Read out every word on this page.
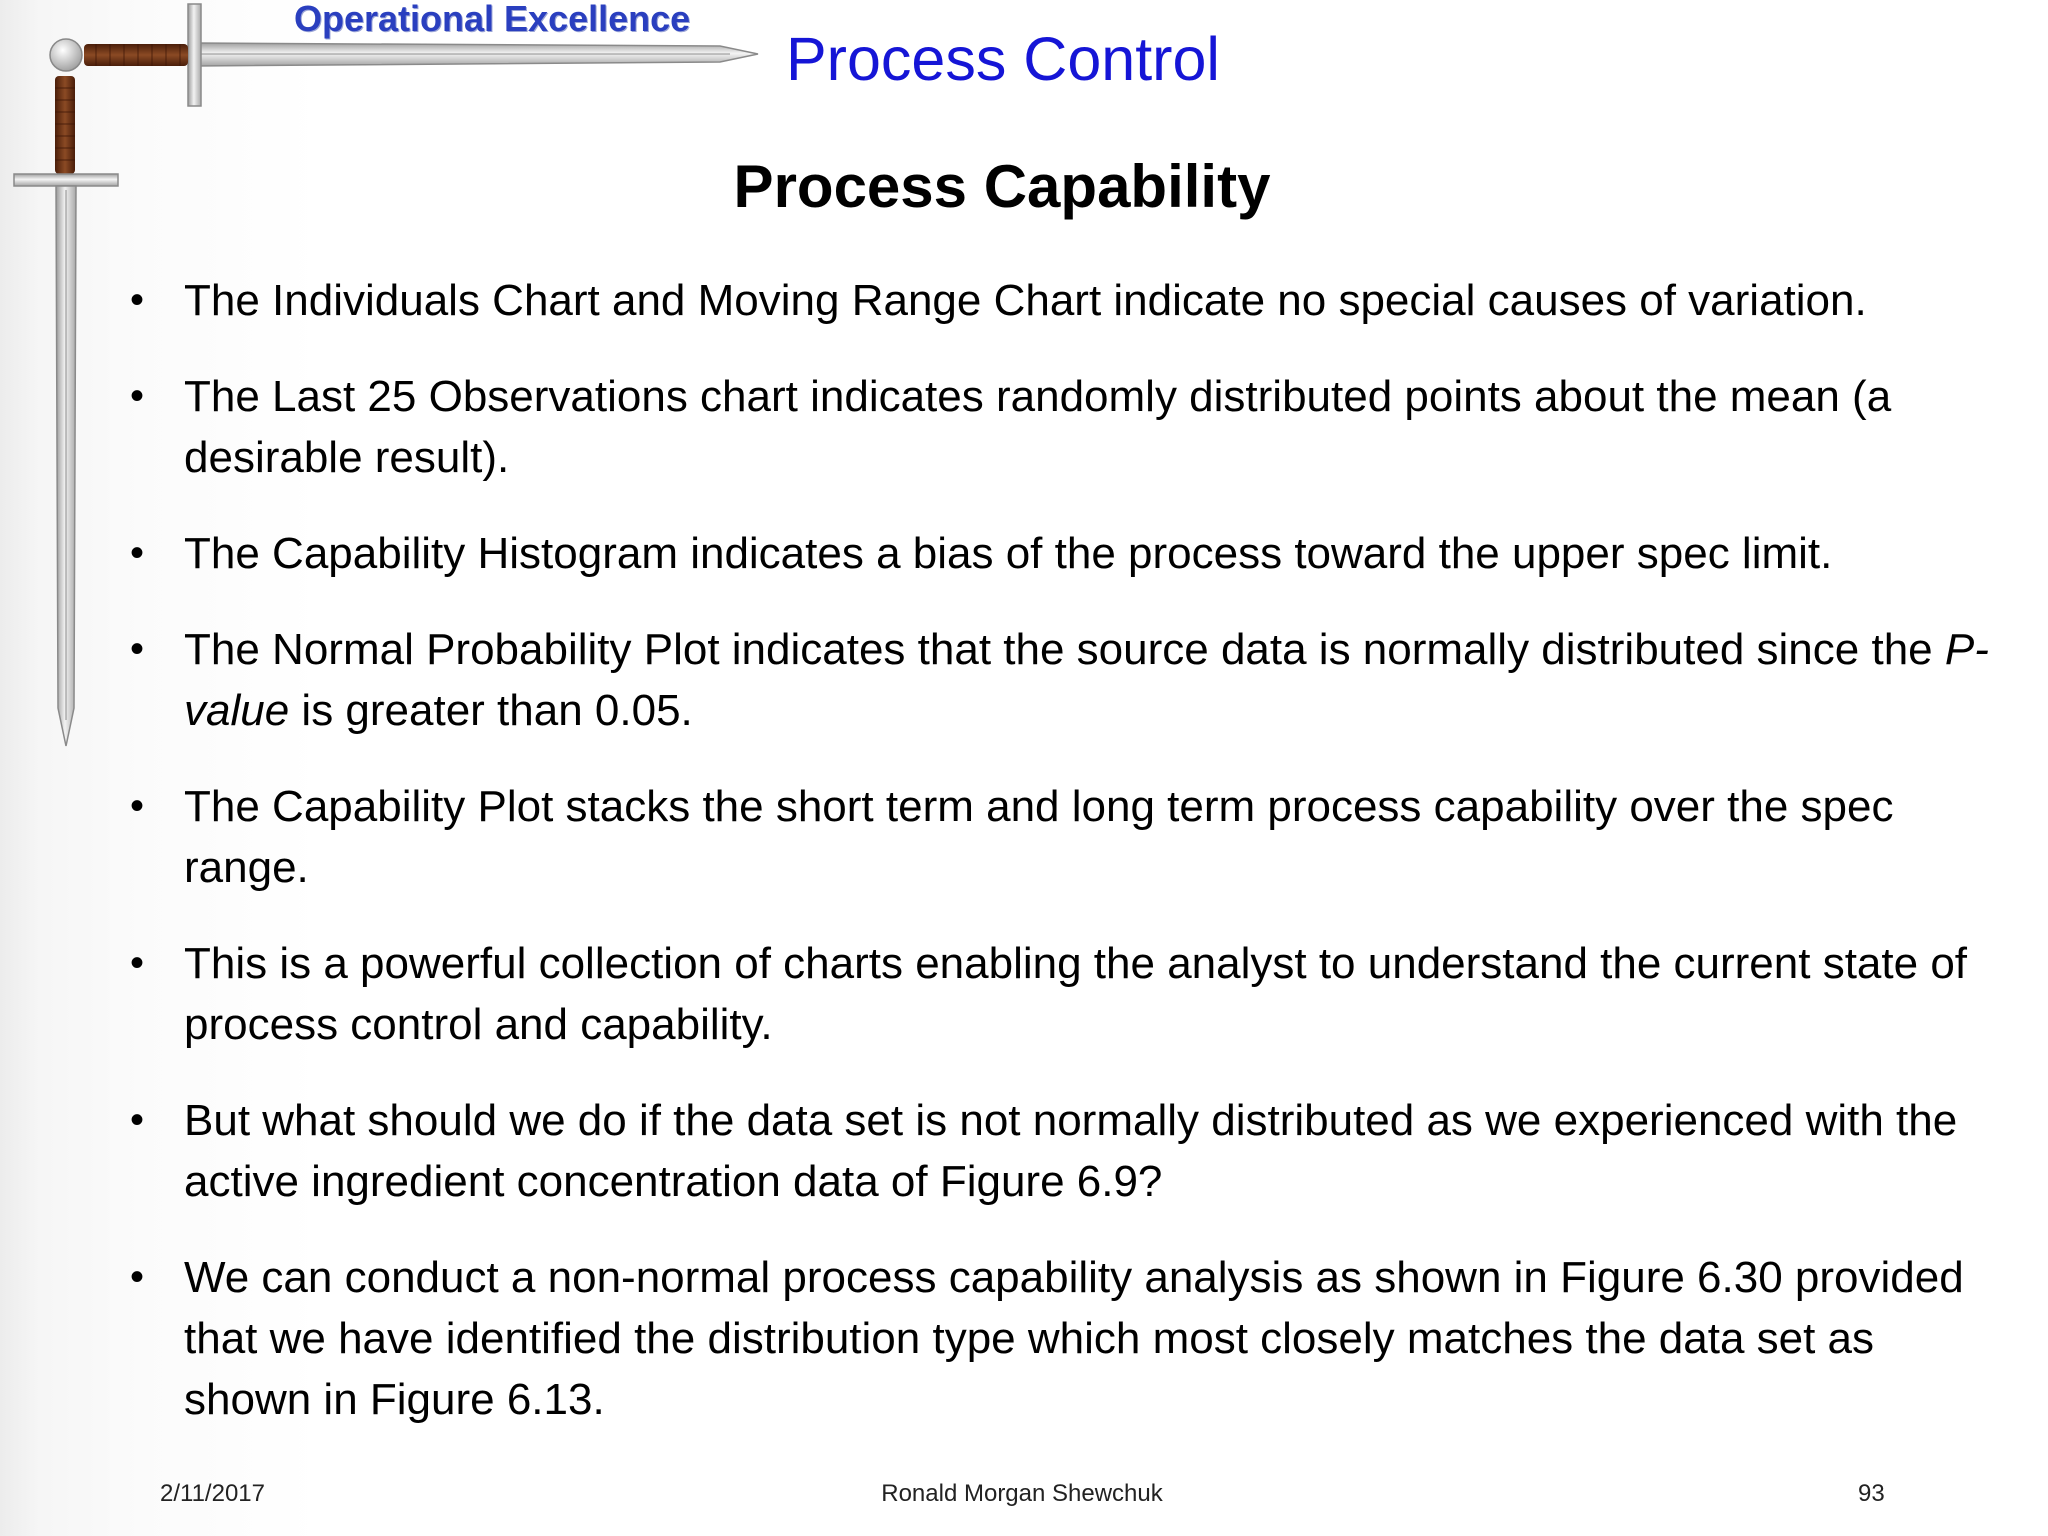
Operational Excellence
Process Control
Process Capability
• The Individuals Chart and Moving Range Chart indicate no special causes of variation.
• The Last 25 Observations chart indicates randomly distributed points about the mean (a desirable result).
• The Capability Histogram indicates a bias of the process toward the upper spec limit.
• The Normal Probability Plot indicates that the source data is normally distributed since the P-value is greater than 0.05.
• The Capability Plot stacks the short term and long term process capability over the spec range.
• This is a powerful collection of charts enabling the analyst to understand the current state of process control and capability.
• But what should we do if the data set is not normally distributed as we experienced with the active ingredient concentration data of Figure 6.9?
• We can conduct a non-normal process capability analysis as shown in Figure 6.30 provided that we have identified the distribution type which most closely matches the data set as shown in Figure 6.13.
2/11/2017	Ronald Morgan Shewchuk	93
